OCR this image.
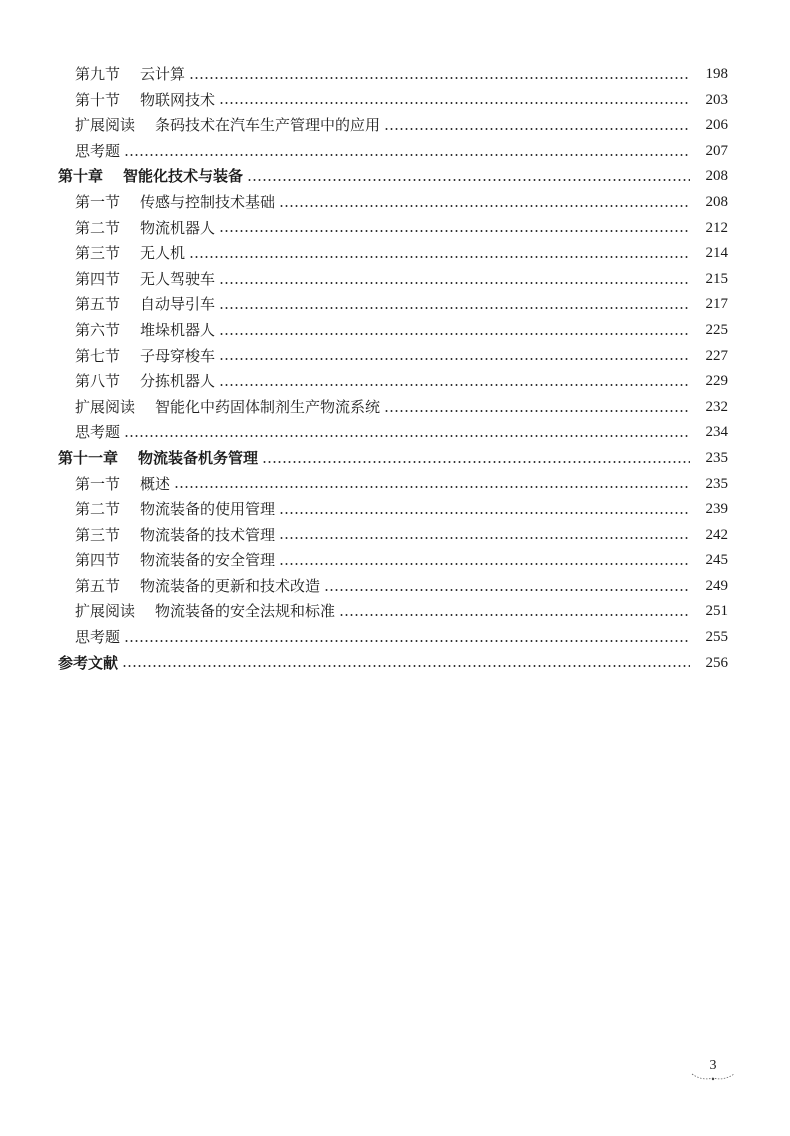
第九节 云计算	198
第十节 物联网技术	203
扩展阅读 条码技术在汽车生产管理中的应用	206
思考题	207
第十章 智能化技术与装备	208
第一节 传感与控制技术基础	208
第二节 物流机器人	212
第三节 无人机	214
第四节 无人驾驶车	215
第五节 自动导引车	217
第六节 堆垛机器人	225
第七节 子母穿梭车	227
第八节 分拣机器人	229
扩展阅读 智能化中药固体制剂生产物流系统	232
思考题	234
第十一章 物流装备机务管理	235
第一节 概述	235
第二节 物流装备的使用管理	239
第三节 物流装备的技术管理	242
第四节 物流装备的安全管理	245
第五节 物流装备的更新和技术改造	249
扩展阅读 物流装备的安全法规和标准	251
思考题	255
参考文献	256
3
